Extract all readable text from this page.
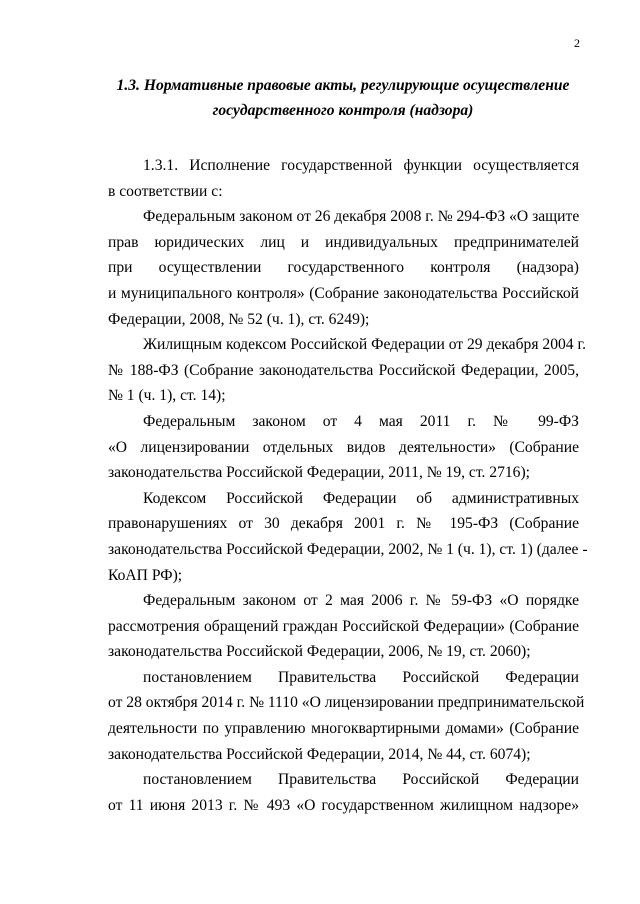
2
1.3. Нормативные правовые акты, регулирующие осуществление
государственного контроля (надзора)
1.3.1. Исполнение государственной функции осуществляется
в соответствии с:
Федеральным законом от 26 декабря 2008 г. № 294-ФЗ «О защите
прав юридических лиц и индивидуальных предпринимателей
при осуществлении государственного контроля (надзора)
и муниципального контроля» (Собрание законодательства Российской
Федерации, 2008, № 52 (ч. 1), ст. 6249);
Жилищным кодексом Российской Федерации от 29 декабря 2004 г.
№ 188-ФЗ (Собрание законодательства Российской Федерации, 2005,
№ 1 (ч. 1), ст. 14);
Федеральным законом от 4 мая 2011 г. № 99-ФЗ
«О лицензировании отдельных видов деятельности» (Собрание
законодательства Российской Федерации, 2011, № 19, ст. 2716);
Кодексом Российской Федерации об административных
правонарушениях от 30 декабря 2001 г. № 195-ФЗ (Собрание
законодательства Российской Федерации, 2002, № 1 (ч. 1), ст. 1) (далее -
КоАП РФ);
Федеральным законом от 2 мая 2006 г. № 59-ФЗ «О порядке
рассмотрения обращений граждан Российской Федерации» (Собрание
законодательства Российской Федерации, 2006, № 19, ст. 2060);
постановлением Правительства Российской Федерации
от 28 октября 2014 г. № 1110 «О лицензировании предпринимательской
деятельности по управлению многоквартирными домами» (Собрание
законодательства Российской Федерации, 2014, № 44, ст. 6074);
постановлением Правительства Российской Федерации
от 11 июня 2013 г. № 493 «О государственном жилищном надзоре»
